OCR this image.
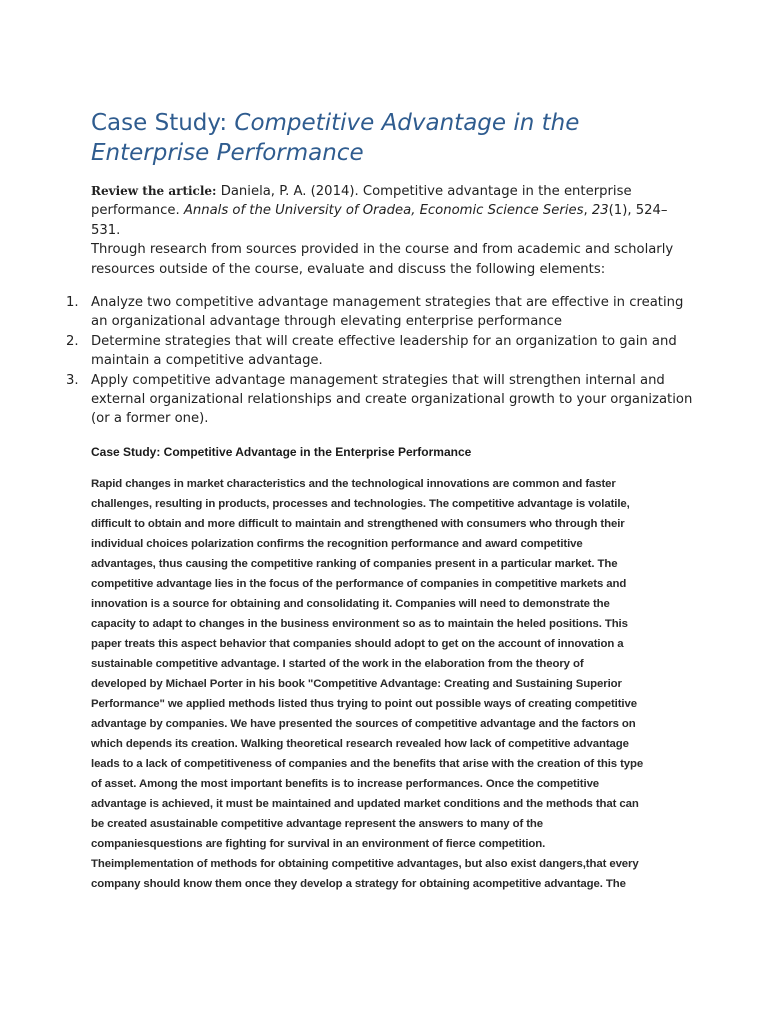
Case Study: Competitive Advantage in the
Enterprise Performance

Review the article: Daniela, P. A. (2014). Competitive advantage in the enterprise performance. Annals of the University of Oradea, Economic Science Series, 23(1), 524–531.

Through research from sources provided in the course and from academic and scholarly resources outside of the course, evaluate and discuss the following elements:

1. Analyze two competitive advantage management strategies that are effective in creating an organizational advantage through elevating enterprise performance
2. Determine strategies that will create effective leadership for an organization to gain and maintain a competitive advantage.
3. Apply competitive advantage management strategies that will strengthen internal and external organizational relationships and create organizational growth to your organization (or a former one).
Case Study: Competitive Advantage in the Enterprise Performance

Rapid changes in market characteristics and the technological innovations are common and faster
challenges, resulting in products, processes and technologies. The competitive advantage is volatile,
difficult to obtain and more difficult to maintain and strengthened with consumers who through their
individual choices polarization confirms the recognition performance and award competitive
advantages, thus causing the competitive ranking of companies present in a particular market. The
competitive advantage lies in the focus of the performance of companies in competitive markets and
innovation is a source for obtaining and consolidating it. Companies will need to demonstrate the
capacity to adapt to changes in the business environment so as to maintain the heled positions. This
paper treats this aspect behavior that companies should adopt to get on the account of innovation a
sustainable competitive advantage. I started of the work in the elaboration from the theory of
developed by Michael Porter in his book "Competitive Advantage: Creating and Sustaining Superior
Performance" we applied methods listed thus trying to point out possible ways of creating competitive
advantage by companies. We have presented the sources of competitive advantage and the factors on
which depends its creation. Walking theoretical research revealed how lack of competitive advantage
leads to a lack of competitiveness of companies and the benefits that arise with the creation of this type
of asset. Among the most important benefits is to increase performances. Once the competitive
advantage is achieved, it must be maintained and updated market conditions and the methods that can
be created asustainable competitive advantage represent the answers to many of the
companiesquestions are fighting for survival in an environment of fierce competition.
Theimplementation of methods for obtaining competitive advantages, but also exist dangers,that every
company should know them once they develop a strategy for obtaining acompetitive advantage. The
